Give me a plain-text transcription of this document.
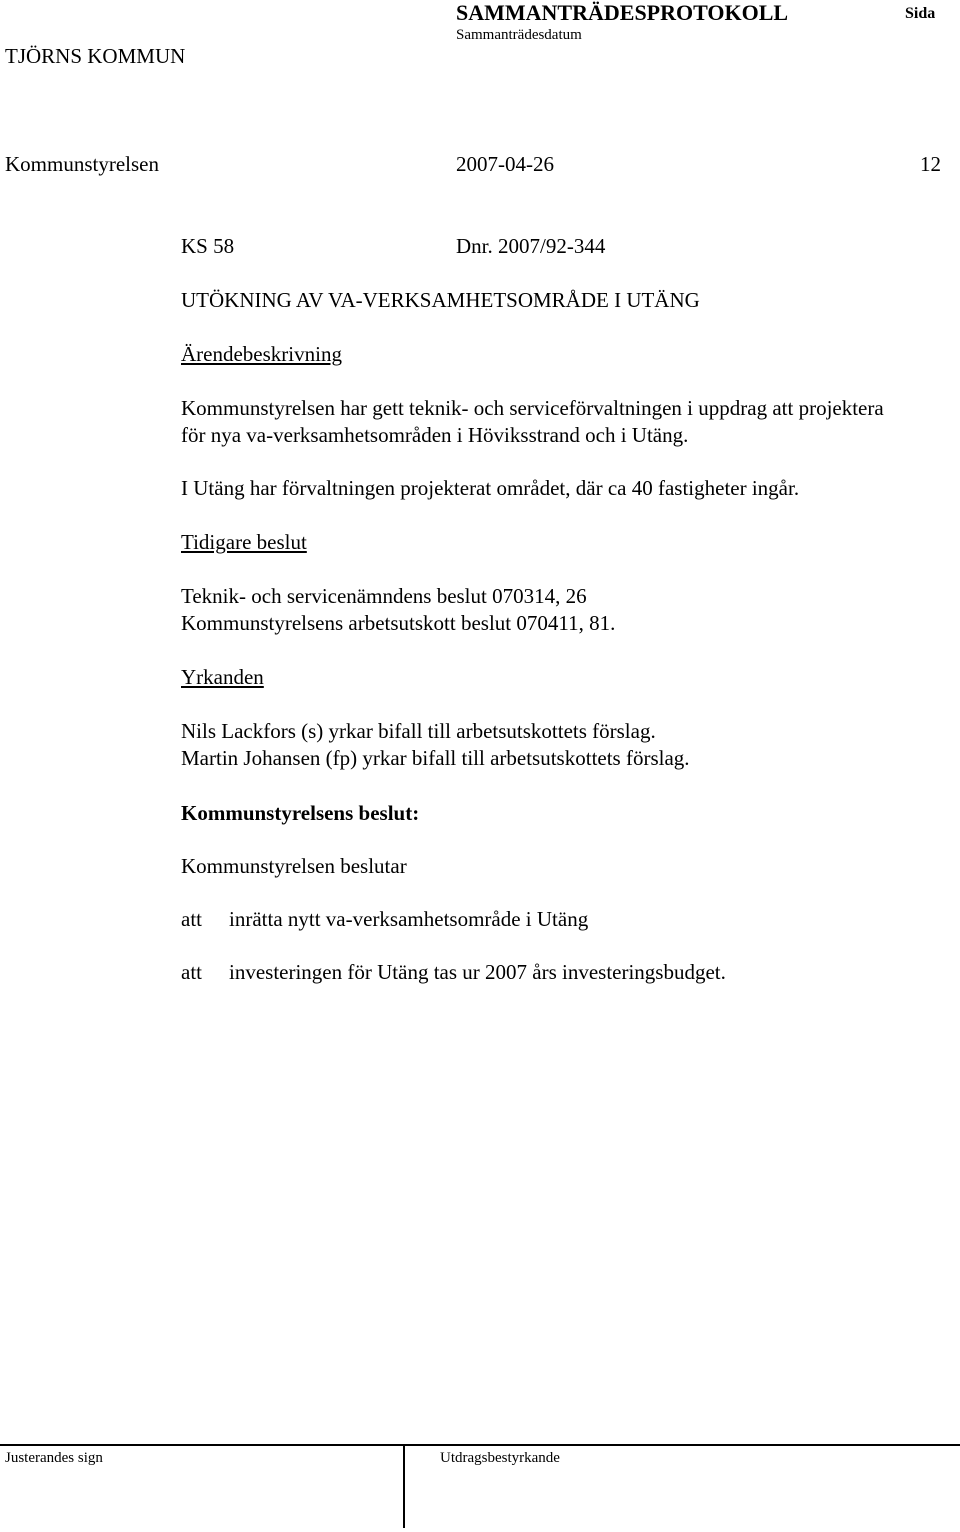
SAMMANTRÄDESPROTOKOLL	Sida
Sammanträdesdatum
TJÖRNS KOMMUN
Kommunstyrelsen	2007-04-26	12
KS 58	Dnr. 2007/92-344
UTÖKNING AV VA-VERKSAMHETSOMRÅDE I UTÄNG
Ärendebeskrivning
Kommunstyrelsen har gett teknik- och serviceförvaltningen i uppdrag att projektera
för nya va-verksamhetsområden i Höviksstrand och i Utäng.
I Utäng har förvaltningen projekterat området, där ca 40 fastigheter ingår.
Tidigare beslut
Teknik- och servicenämndens beslut 070314, 26
Kommunstyrelsens arbetsutskott beslut 070411, 81.
Yrkanden
Nils Lackfors (s) yrkar bifall till arbetsutskottets förslag.
Martin Johansen (fp) yrkar bifall till arbetsutskottets förslag.
Kommunstyrelsens beslut:
Kommunstyrelsen beslutar
att inrätta nytt va-verksamhetsområde i Utäng
att investeringen för Utäng tas ur 2007 års investeringsbudget.
Justerandes sign	Utdragsbestyrkande
